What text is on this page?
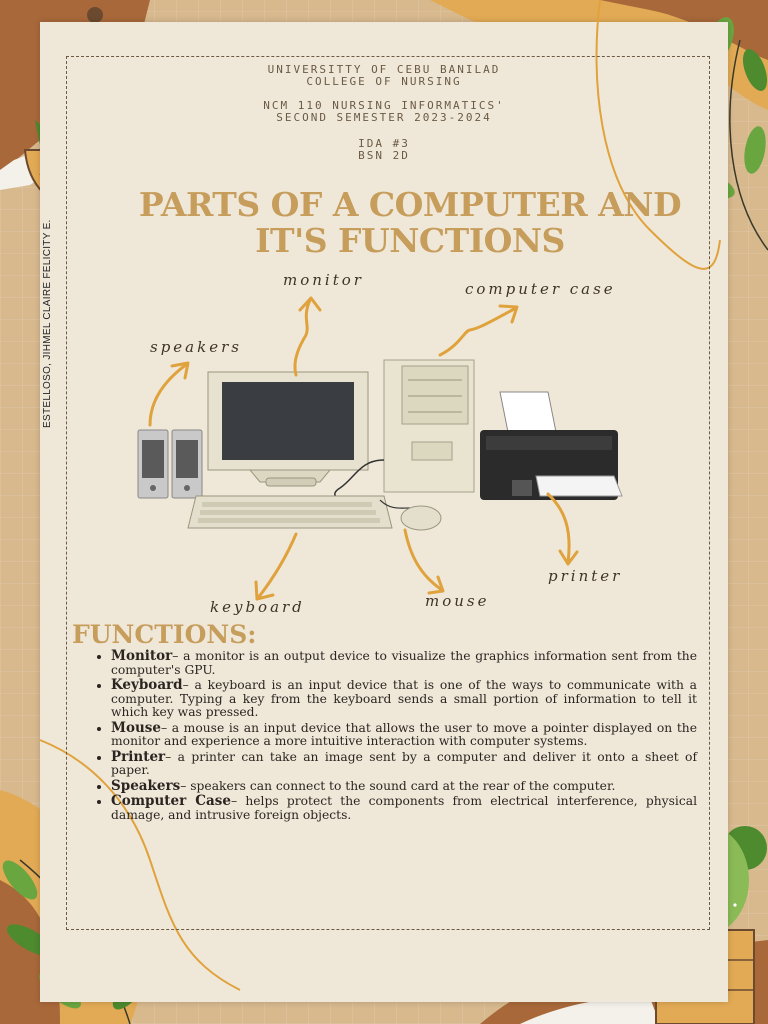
UNIVERSITTY OF CEBU BANILAD
COLLEGE OF NURSING
NCM 110 NURSING INFORMATICS'
SECOND SEMESTER 2023-2024
IDA #3
BSN 2D
PARTS OF A COMPUTER AND
IT'S FUNCTIONS
ESTELLOSO, JIHMEL CLAIRE FELICITY E.	monitor	computer case
speakers
keyboard	mouse
printer
FUNCTIONS:
• Monitor– a monitor is an output device to visualize the graphics information sent from the computer's GPU.
• Keyboard– a keyboard is an input device that is one of the ways to communicate with a computer. Typing a key from the keyboard sends a small portion of information to tell it which key was pressed.
• Mouse– a mouse is an input device that allows the user to move a pointer displayed on the monitor and experience a more intuitive interaction with computer systems.
• Printer– a printer can take an image sent by a computer and deliver it onto a sheet of paper.
• Speakers– speakers can connect to the sound card at the rear of the computer.
• Computer Case– helps protect the components from electrical interference, physical damage, and intrusive foreign objects.
